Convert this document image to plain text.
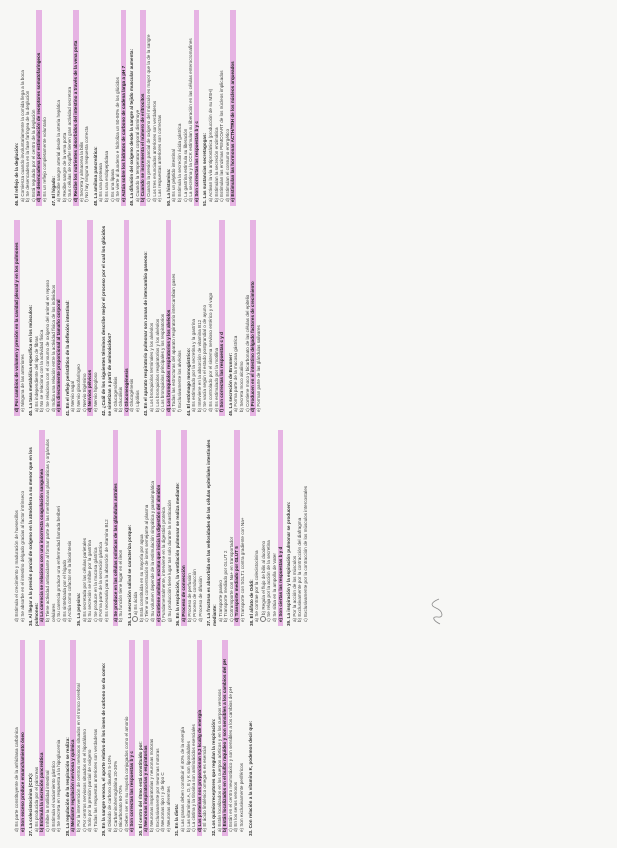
d) Es parte constituyente de la anhidrasa carbónica e) Son exceso produce ensanchamiento óseo 27. La colecistocinina (CCK): a) Es producida por el páncreas b) Estimula la secreción pancreática c) Inhibe la motilidad intestinal d) Estimula el vaciamiento gástrico e) Se secreta en respuesta a la hipoglucemia 28. La regulación de la respiración se realiza: a) Mediante regulación nerviosa y química b) Por la intervención de centros nerviosos situados en el tronco cerebral c) Por centros nerviosos situados en el hipotálamo d) Solo por la presión parcial de oxígeno e) Todas las respuestas anteriores son verdaderas 29. En la sangre venosa, el aporte relativo de los iones de carbono se da como: a) Dióxido de carbono disuelto 5-10% b) Carbaminohemoglobina 20-30% c) Bicarbonato 60-70% d) Deben ser en su mayoría conjugados como el amonio e) Son correctas las respuestas b y c 30. El centro del ritmo está constituido por: a) Neuronas inspiratorias y espiratorias b) Neuronas inspiratorias y neuronas motoras c) Exclusivamente por neuronas motoras d) Neuronas tipo I y de tipo C e) Neuronas aferentes 31. En la dieta: a) Las grasas deben constituir el 40% de la energía b) Las vitaminas A, D, E y K son liposolubles c) La cistina y la tirosina son aminoácidos esenciales d) Las proteínas nos proporcionan 9,3 kcal/g de energía e) El ácido linolénico omega-6 es esencial 32. Los quimiorreceptores que regulan la respiración: a) Están localizados en los cuerpos aórticos y en los cuerpos venosos b) Están localizados en el bulbo raquídeo y son sensibles a los cambios del pH c) Están en el centro neumotáxico y son sensibles a los cambios de pH d) En los senos venosos e) Son exclusivamente periféricos 33. Con relación a la vitamina K, podemos decir que:
d) Estimula el crecimiento y maduración de huesecillos e) Se absorbe en el intestino delgado gracias al factor intrínseco 34. Al llegar a la presión parcial de oxígeno en la atmósfera a su menor que en los pulmones: a) La carencia se relaciona con una incorrecta coagulación sanguínea b) Tiene actividad antioxidante al formar parte de las membranas plasmáticas y orgánulos celulares c) Su carencia produce una enfermedad llamada beriberi d) Es sintetizada por el hígado e) Actúa como cofactor en la biosíntesis 35. La pepsina: a) Es secretada por las células parietales b) Su secreción se inhibe por la gastrina c) Se produce en la mucosa gástrica d) Forma parte de la secreción gástrica e) Es necesaria para la absorción de vitamina B12 a) Se produce en las células oxínticas de las glándulas antrales b) Su función tiene lugar en el íleon 35. La secreción salival se caracteriza porque: a) Es ácida b) Está constituida en su mayoría por agua c) Tiene una concentración de iones semejante al plasma d) Su volumen depende de la estimulación simpática y parasimpática e) Contiene amilasa, enzima que inicia la digestión del almidón f) Fundamentalmente, interviene en la digestión proteica g) Su producción tiene lugar tan solo durante la masticación 36. En la respiración, la ventilación pulmonar se realiza mediante: a) Proceso de convección b) Proceso de perfusión c) Proceso de conducción d) Proceso de difusión 37. La fructosa es absorbida en las vellosidades de las células epiteliales intestinales mediante: a) Transporte pasivo b) Transporte mediado por GLUT 2 c) Cotransporte con Na+ en transportador d) Transporte mediado por GLUT 5 e) Transporte con SGLT1 contra gradiente con Na+ 38. El alifato de Oddi: a) Se contrae por la colecistocinina b) Regula el flujo de bilis al duodeno c) Se relaja por la acción de la secretina d) Se sitúa en la ampolla de Vater e) Son ciertas las respuestas b y d 39. La inspiración y la espiración pulmonar se producen: a) Por la acción de los músculos b) Exclusivamente por la contracción del diafragma c) Exclusivamente por la contracción de los músculos intercostales
d) Por cambios de volumen y presión en la cavidad pleural y en los pulmones e) Ninguna de las anteriores 40. La tasa metabólica específica en los músculos: a) Es independiente del tipo de fibras b) No se relaciona con la actividad física c) Se relaciona con el consumo de oxígeno del animal en reposo d) Indica una relación entre la actividad física de los individuos e) Es directamente proporcional al tamaño corporal 41. En el reflejo peristáltico de la deflexión intestinal: a) Nervio vagal b) Nervio glosofaríngeo c) Nervio trigémino d) Nervios pélvicos e) Nervio hipogloso 42. ¿Cuál de los siguientes términos describe mejor el proceso por el cual los glúcidos se sintetizan a partir de aminoácidos? a) Glucogenólisis b) Glucólisis c) Gluconeogénesis d) Glucogénesis e) Lipólisis 43. En el aparato respiratorio pulmonar son zonas de intercambio gaseoso: a) Los bronquiolos terminales y los alvéolos b) Los bronquiolos respiratorios y los alvéolos c) Los bronquiolos principales y los respiratorios d) Los bronquiolos respiratorios y los alvéolos e) Todas las estructuras del aparato respiratorio intercambian gases f) Exclusivamente los alvéolos 44. El estómago monogástrico: a) Es estimulado por la secretina y la gastrina b) Interviene en la absorción de vitamina B12 c) Se vacía según el estado postprandial o de ayuno d) Es controlado por el sistema nervioso entérico y el vago e) Es estimulado por la motilina f) Son correctas las respuestas c y d 45. La secreción de Brunner: a) Forma parte de la mucosa gástrica b) Secreta moco alcalino c) Contiene moco y bicarbonato de las células del epitelio d) Producen en el intestino delgado factores de crecimiento e) Forman parte de las glándulas salivares
46. El reflejo de la deglución: a) Comienza cuando involuntariamente la comida llega a la boca b) Se desencadena en la fase faríngea de la deglución c) Está regulado por el centro de la deglución d) Se desencadena por estimulación de receptores somatofaríngeos e) Es un reflejo completamente voluntario 47. El hígado: a) Recibe sangre arterial desde la arteria hepática b) Recibe sangre de la vena porta c) Sus células de Kupffer tienen gran actividad secretora d) Recibe los nutrientes absorbidos del intestino a través de la vena porta e) Secreta y almacena la bilis f) No hay ninguna respuesta correcta 48. La amilasa pancreática: a) Es una proteasa b) Es una endopeptidasa c) Es una lipasa d) Se vierte al duodeno e hidroliza un 50-80% de los glúcidos e) Actúa sobre los hidratos de carbono de cadena larga a pH 7 49. La difusión del oxígeno desde la sangre al tejido muscular aumenta: a) Cuando la temperatura corporal disminuye b) Cuando se incrementa el número de eritrocitos c) Cuando la presión parcial de oxígeno del músculo es mayor que la de la sangre d) Los tres enunciados anteriores son verdaderos e) Las respuestas anteriores son correctas 50. La histamina: a) Es un péptido intestinal b) Estimula la secreción ácida gástrica c) La gastrina estimula su liberación d) La secretina y la CCK estimulan su liberación en las células enterocromafines e) Son correctas las respuestas b y c 51. Las sustancias secretagogas: a) Activan la vía antiprostánica (producción de su MSH) b) Estimulan la secreción enzimática c) Estimulan las enzimas PEMCOART de los núcleos implicados d) Estimulan el consumo energético e) Estimulan las hormonas ACTH/TRH de los núcleos arqueados
